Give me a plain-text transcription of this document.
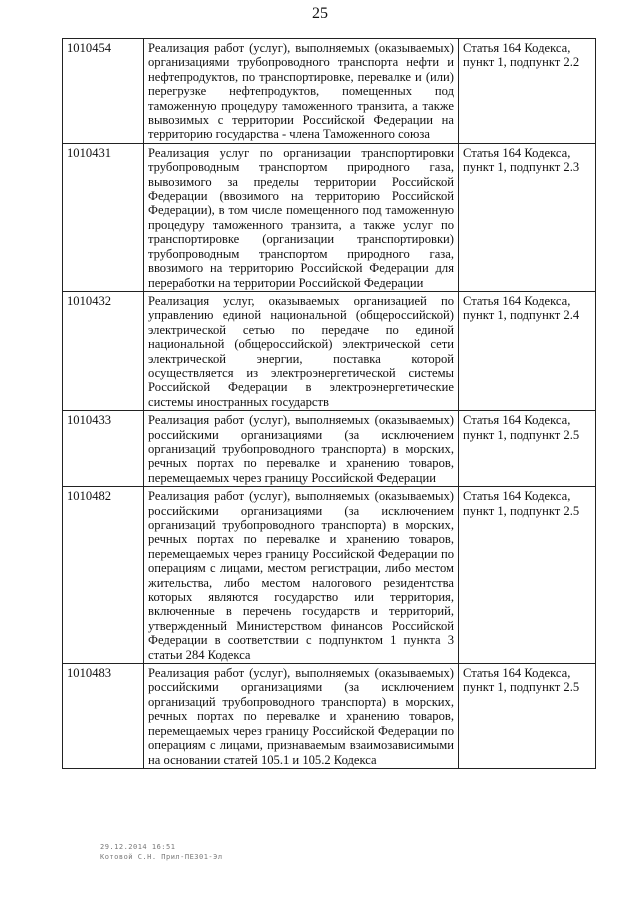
25
1010454	Реализация работ (услуг), выполняемых (оказываемых) организациями трубопроводного транспорта нефти и нефтепродуктов, по транспортировке, перевалке и (или) перегрузке нефтепродуктов, помещенных под таможенную процедуру таможенного транзита, а также вывозимых с территории Российской Федерации на территорию государства - члена Таможенного союза	Статья 164 Кодекса, пункт 1, подпункт 2.2
1010431	Реализация услуг по организации транспортировки трубопроводным транспортом природного газа, вывозимого за пределы территории Российской Федерации (ввозимого на территорию Российской Федерации), в том числе помещенного под таможенную процедуру таможенного транзита, а также услуг по транспортировке (организации транспортировки) трубопроводным транспортом природного газа, ввозимого на территорию Российской Федерации для переработки на территории Российской Федерации	Статья 164 Кодекса, пункт 1, подпункт 2.3
1010432	Реализация услуг, оказываемых организацией по управлению единой национальной (общероссийской) электрической сетью по передаче по единой национальной (общероссийской) электрической сети электрической энергии, поставка которой осуществляется из электроэнергетической системы Российской Федерации в электроэнергетические системы иностранных государств	Статья 164 Кодекса, пункт 1, подпункт 2.4
1010433	Реализация работ (услуг), выполняемых (оказываемых) российскими организациями (за исключением организаций трубопроводного транспорта) в морских, речных портах по перевалке и хранению товаров, перемещаемых через границу Российской Федерации	Статья 164 Кодекса, пункт 1, подпункт 2.5
1010482	Реализация работ (услуг), выполняемых (оказываемых) российскими организациями (за исключением организаций трубопроводного транспорта) в морских, речных портах по перевалке и хранению товаров, перемещаемых через границу Российской Федерации по операциям с лицами, местом регистрации, либо местом жительства, либо местом налогового резидентства которых являются государство или территория, включенные в перечень государств и территорий, утвержденный Министерством финансов Российской Федерации в соответствии с подпунктом 1 пункта 3 статьи 284 Кодекса	Статья 164 Кодекса, пункт 1, подпункт 2.5
1010483	Реализация работ (услуг), выполняемых (оказываемых) российскими организациями (за исключением организаций трубопроводного транспорта) в морских, речных портах по перевалке и хранению товаров, перемещаемых через границу Российской Федерации по операциям с лицами, признаваемым взаимозависимыми на основании статей 105.1 и 105.2 Кодекса	Статья 164 Кодекса, пункт 1, подпункт 2.5
29.12.2014 16:51
Котовой С.Н. Прил-ПЕЗ01-Эл
